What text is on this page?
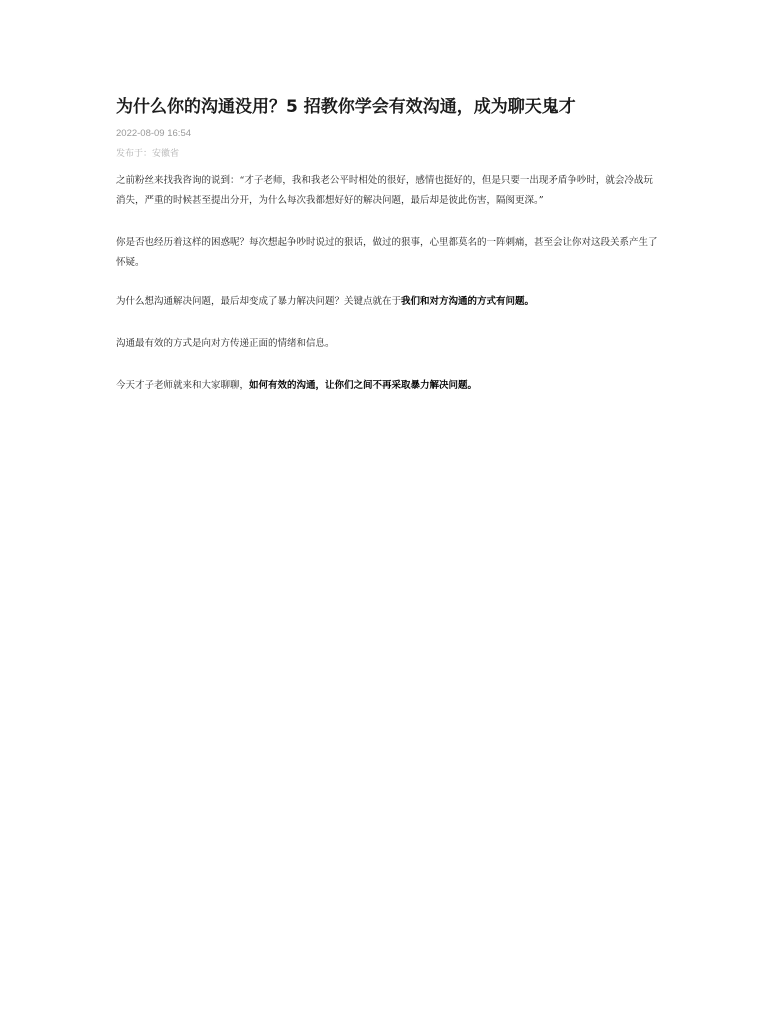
为什么你的沟通没用？5 招教你学会有效沟通，成为聊天鬼才
2022-08-09 16:54
发布于：安徽省

之前粉丝来找我咨询的说到：“才子老师，我和我老公平时相处的很好，感情也挺好的，但是只要一出现矛盾争吵时，就会冷战玩消失，严重的时候甚至提出分开，为什么每次我都想好好的解决问题，最后却是彼此伤害，隔阂更深。”

你是否也经历着这样的困惑呢？每次想起争吵时说过的狠话，做过的狠事，心里都莫名的一阵刺痛，甚至会让你对这段关系产生了怀疑。

为什么想沟通解决问题，最后却变成了暴力解决问题？关键点就在于我们和对方沟通的方式有问题。

沟通最有效的方式是向对方传递正面的情绪和信息。

今天才子老师就来和大家聊聊，如何有效的沟通，让你们之间不再采取暴力解决问题。
